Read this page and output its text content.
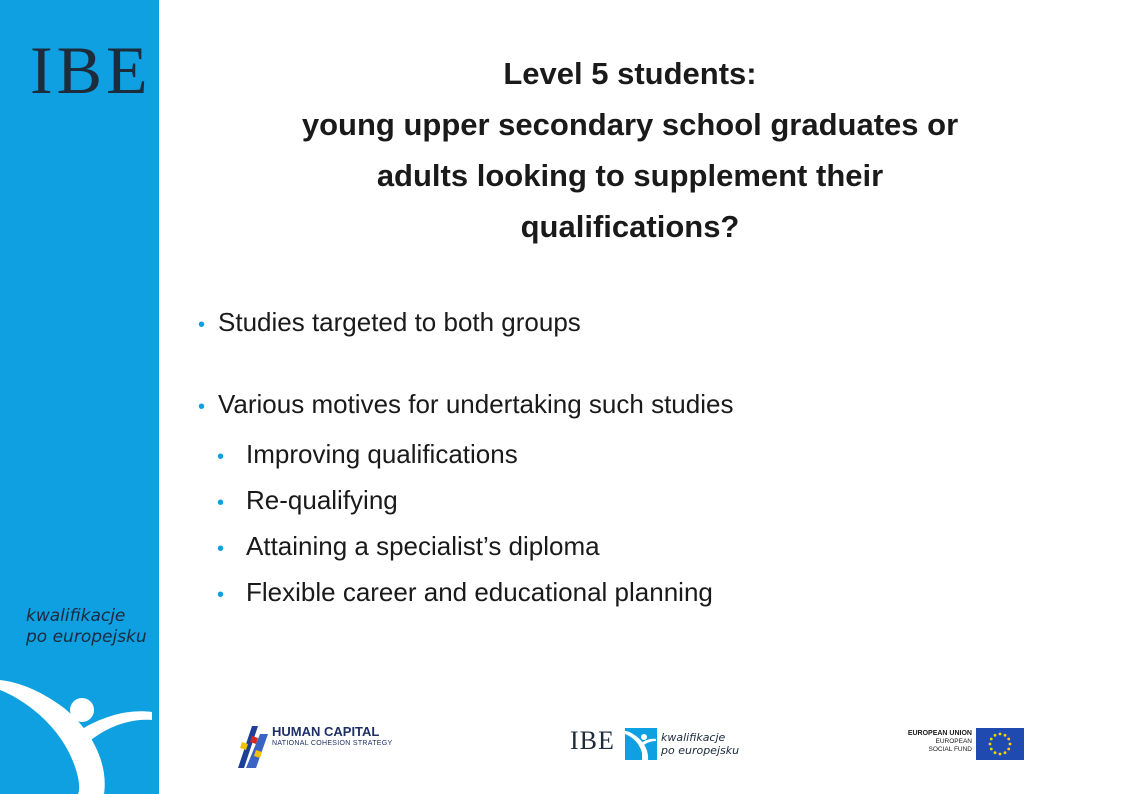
IBE
kwalifikacje
po europejsku
Level 5 students:
young upper secondary school graduates or
adults looking to supplement their
qualifications?
• Studies targeted to both groups
• Various motives for undertaking such studies
• Improving qualifications
• Re-qualifying
• Attaining a specialist’s diploma
• Flexible career and educational planning
HUMAN CAPITAL
NATIONAL COHESION STRATEGY	IBE	kwalifikacje
po europejsku
EUROPEAN UNION
EUROPEAN
SOCIAL FUND
